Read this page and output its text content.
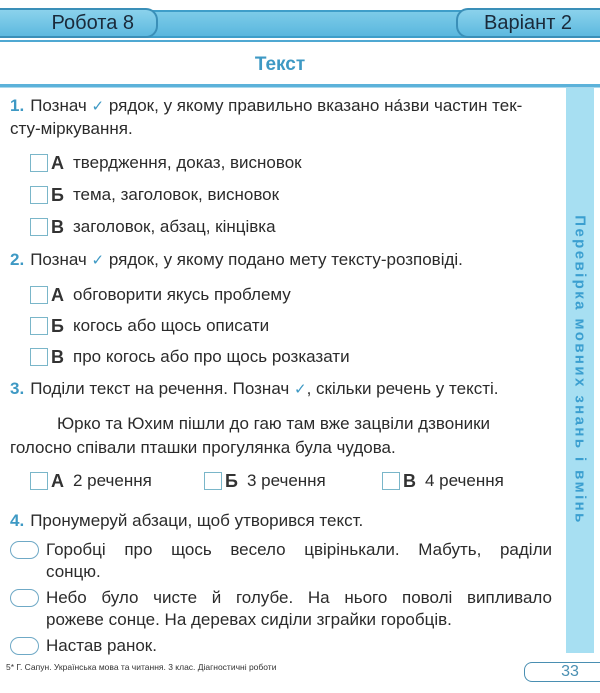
Робота 8	Варіант 2
Текст
Перевірка мовних знань і вмінь
1. Познач ✓ рядок, у якому правильно вказано на́зви частин тек-
сту-міркування.
А твердження, доказ, висновок
Б тема, заголовок, висновок
В заголовок, абзац, кінцівка
2. Познач ✓ рядок, у якому подано мету тексту-розповіді.
А обговорити якусь проблему
Б когось або щось описати
В про когось або про щось розказати
3. Поділи текст на речення. Познач ✓, скільки речень у тексті.
Юрко та Юхим пішли до гаю там вже зацвіли дзвоники
голосно співали пташки прогулянка була чудова.
А 2 речення	Б 3 речення	В 4 речення
4. Пронумеруй абзаци, щоб утворився текст.
Горобці про щось весело цвірінькали. Мабуть, раділи
сонцю.
Небо було чисте й голубе. На нього поволі випливало
рожеве сонце. На деревах сиділи зграйки горобців.
Настав ранок.
5* Г. Сапун. Українська мова та читання. 3 клас. Діагностичні роботи	33
